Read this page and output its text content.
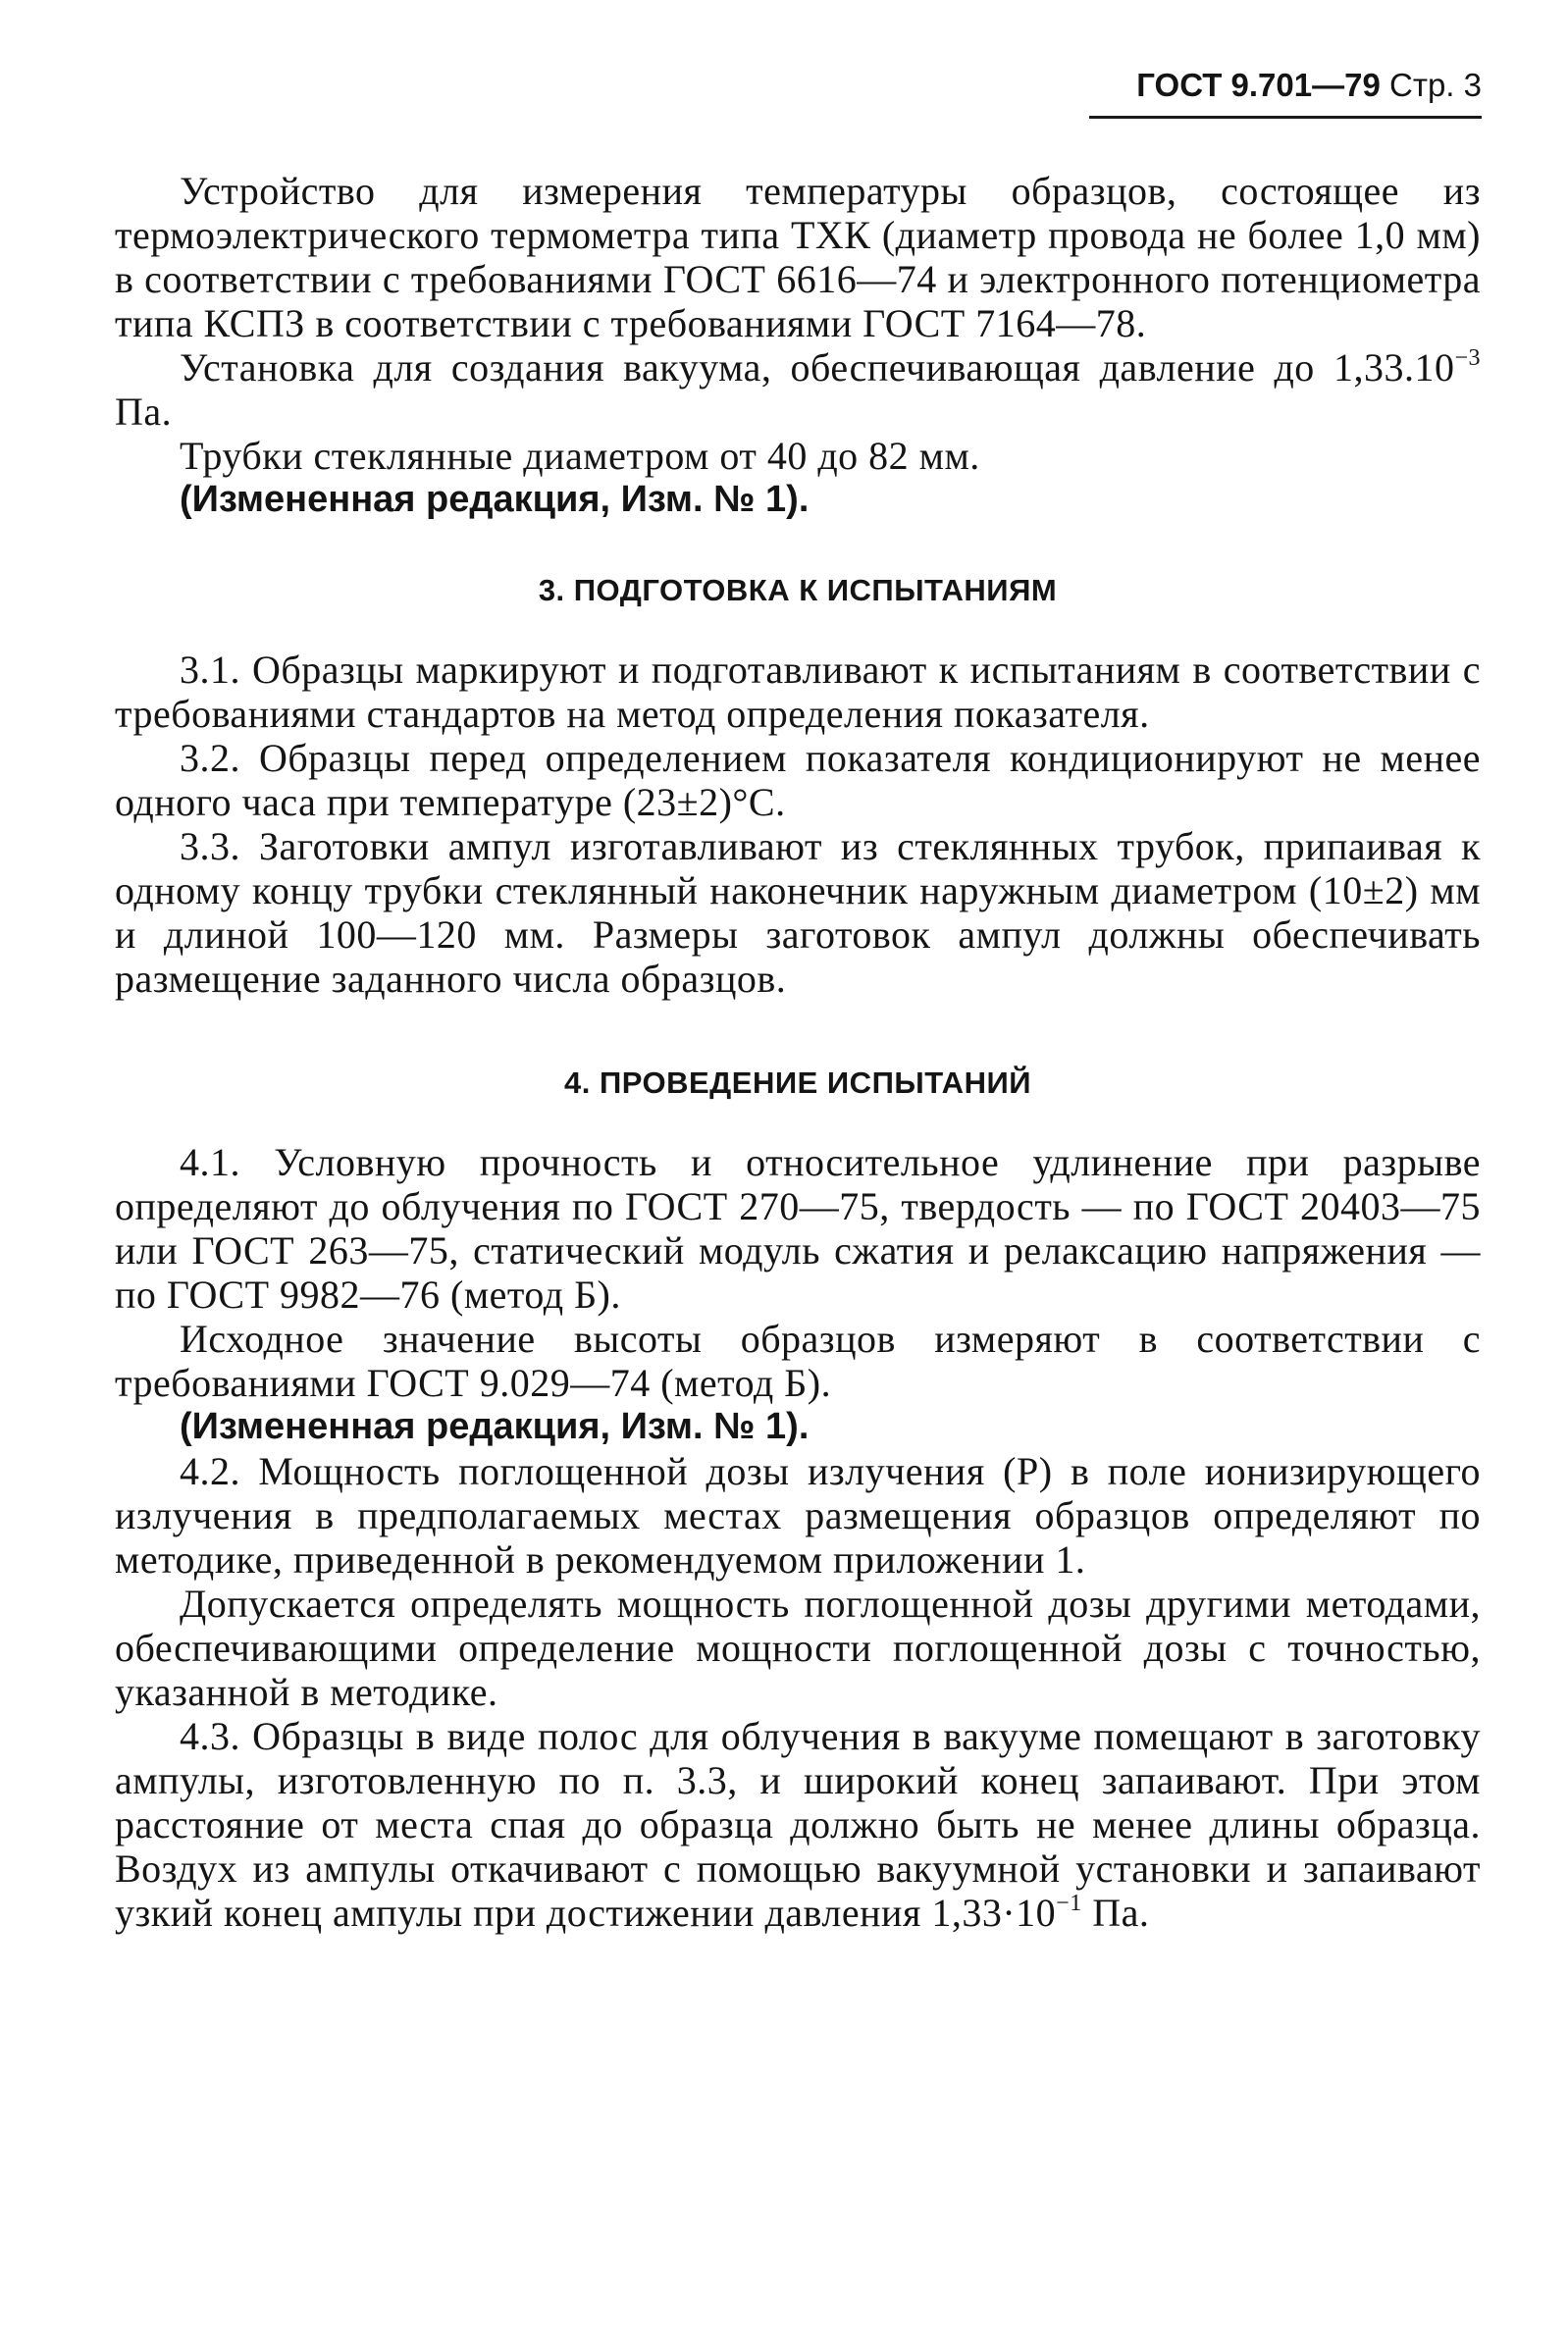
ГОСТ 9.701—79 Стр. 3

Устройство для измерения температуры образцов, состоящее из термоэлектрического термометра типа ТХК (диаметр провода не более 1,0 мм) в соответствии с требованиями ГОСТ 6616—74 и электронного потенциометра типа КСПЗ в соответствии с требованиями ГОСТ 7164—78.

Установка для создания вакуума, обеспечивающая давление до $1,33.10^{-3}$ Па.

Трубки стеклянные диаметром от 40 до 82 мм.

(Измененная редакция, Изм. № 1).

3. ПОДГОТОВКА К ИСПЫТАНИЯМ

3.1. Образцы маркируют и подготавливают к испытаниям в соответствии с требованиями стандартов на метод определения показателя.

3.2. Образцы перед определением показателя кондиционируют не менее одного часа при температуре (23±2)°С.

3.3. Заготовки ампул изготавливают из стеклянных трубок, припаивая к одному концу трубки стеклянный наконечник наружным диаметром (10±2) мм и длиной 100—120 мм. Размеры заготовок ампул должны обеспечивать размещение заданного числа образцов.

4. ПРОВЕДЕНИЕ ИСПЫТАНИЙ

4.1. Условную прочность и относительное удлинение при разрыве определяют до облучения по ГОСТ 270—75, твердость — по ГОСТ 20403—75 или ГОСТ 263—75, статический модуль сжатия и релаксацию напряжения — по ГОСТ 9982—76 (метод Б).

Исходное значение высоты образцов измеряют в соответствии с требованиями ГОСТ 9.029—74 (метод Б).

(Измененная редакция, Изм. № 1).

4.2. Мощность поглощенной дозы излучения (P) в поле ионизирующего излучения в предполагаемых местах размещения образцов определяют по методике, приведенной в рекомендуемом приложении 1.

Допускается определять мощность поглощенной дозы другими методами, обеспечивающими определение мощности поглощенной дозы с точностью, указанной в методике.

4.3. Образцы в виде полос для облучения в вакууме помещают в заготовку ампулы, изготовленную по п. 3.3, и широкий конец запаивают. При этом расстояние от места спая до образца должно быть не менее длины образца. Воздух из ампулы откачивают с помощью вакуумной установки и запаивают узкий конец ампулы при достижении давления $1,33\cdot 10^{-1}$ Па.
